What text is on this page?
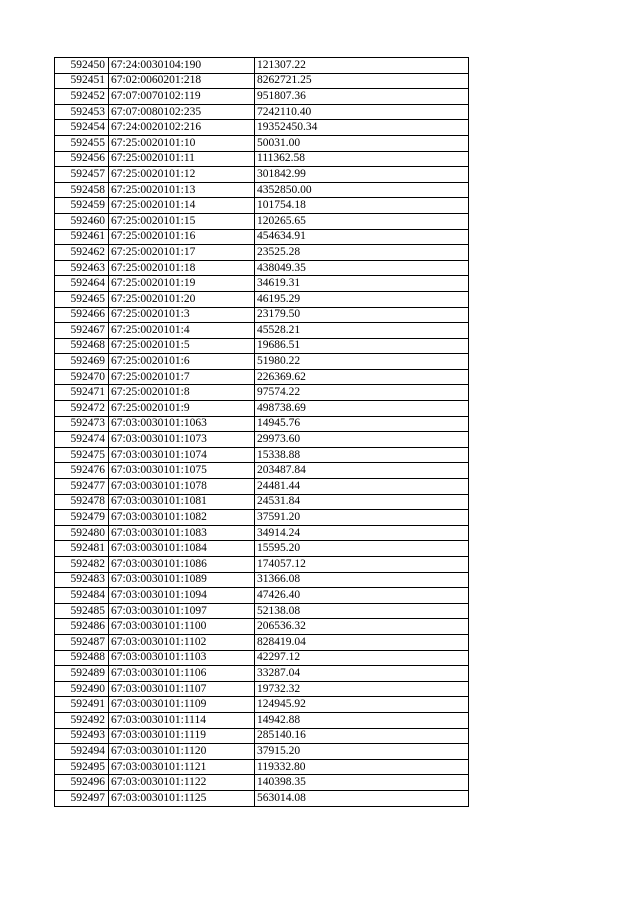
592450	67:24:0030104:190	121307.22
592451	67:02:0060201:218	8262721.25
592452	67:07:0070102:119	951807.36
592453	67:07:0080102:235	7242110.40
592454	67:24:0020102:216	19352450.34
592455	67:25:0020101:10	50031.00
592456	67:25:0020101:11	111362.58
592457	67:25:0020101:12	301842.99
592458	67:25:0020101:13	4352850.00
592459	67:25:0020101:14	101754.18
592460	67:25:0020101:15	120265.65
592461	67:25:0020101:16	454634.91
592462	67:25:0020101:17	23525.28
592463	67:25:0020101:18	438049.35
592464	67:25:0020101:19	34619.31
592465	67:25:0020101:20	46195.29
592466	67:25:0020101:3	23179.50
592467	67:25:0020101:4	45528.21
592468	67:25:0020101:5	19686.51
592469	67:25:0020101:6	51980.22
592470	67:25:0020101:7	226369.62
592471	67:25:0020101:8	97574.22
592472	67:25:0020101:9	498738.69
592473	67:03:0030101:1063	14945.76
592474	67:03:0030101:1073	29973.60
592475	67:03:0030101:1074	15338.88
592476	67:03:0030101:1075	203487.84
592477	67:03:0030101:1078	24481.44
592478	67:03:0030101:1081	24531.84
592479	67:03:0030101:1082	37591.20
592480	67:03:0030101:1083	34914.24
592481	67:03:0030101:1084	15595.20
592482	67:03:0030101:1086	174057.12
592483	67:03:0030101:1089	31366.08
592484	67:03:0030101:1094	47426.40
592485	67:03:0030101:1097	52138.08
592486	67:03:0030101:1100	206536.32
592487	67:03:0030101:1102	828419.04
592488	67:03:0030101:1103	42297.12
592489	67:03:0030101:1106	33287.04
592490	67:03:0030101:1107	19732.32
592491	67:03:0030101:1109	124945.92
592492	67:03:0030101:1114	14942.88
592493	67:03:0030101:1119	285140.16
592494	67:03:0030101:1120	37915.20
592495	67:03:0030101:1121	119332.80
592496	67:03:0030101:1122	140398.35
592497	67:03:0030101:1125	563014.08
